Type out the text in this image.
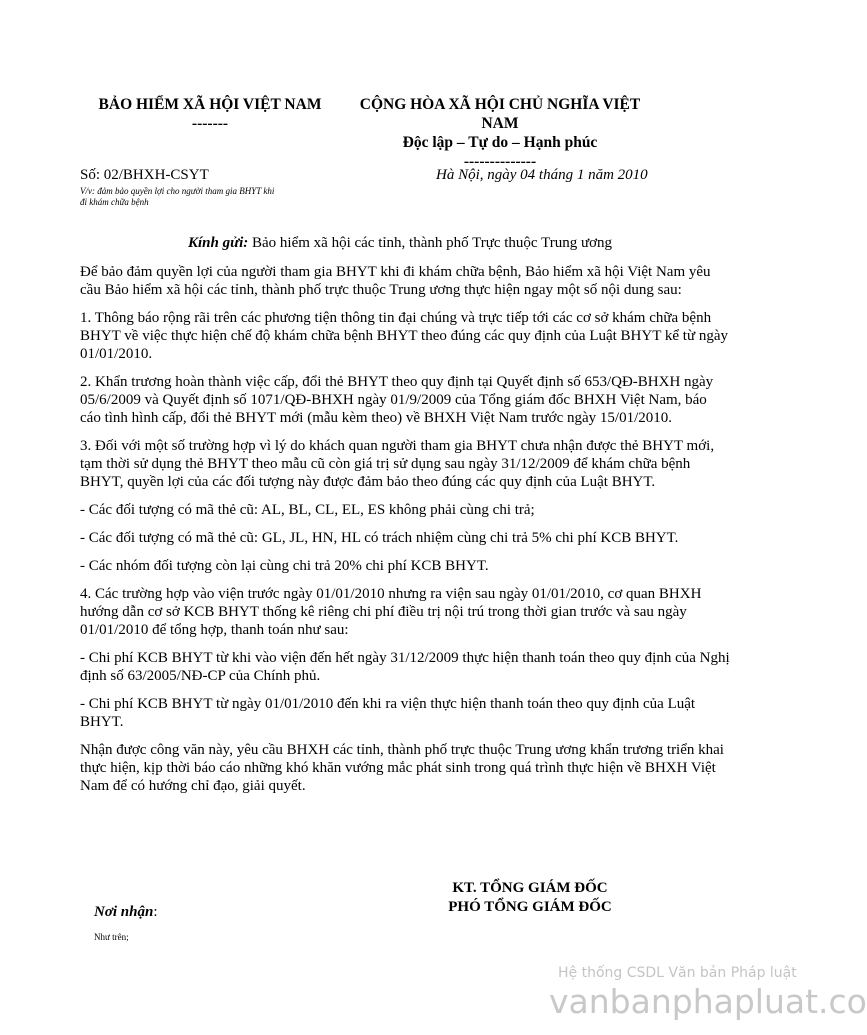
BẢO HIỂM XÃ HỘI VIỆT NAM
-------
CỘNG HÒA XÃ HỘI CHỦ NGHĨA VIỆT
NAM
Độc lập – Tự do – Hạnh phúc
--------------
Số: 02/BHXH-CSYT
V/v: đảm bảo quyền lợi cho người tham gia BHYT khi
đi khám chữa bệnh
Hà Nội, ngày 04 tháng 1 năm 2010
Kính gửi: Bảo hiểm xã hội các tỉnh, thành phố Trực thuộc Trung ương

Để bảo đảm quyền lợi của người tham gia BHYT khi đi khám chữa bệnh, Bảo hiểm xã hội Việt Nam yêu cầu Bảo hiểm xã hội các tỉnh, thành phố trực thuộc Trung ương thực hiện ngay một số nội dung sau:

1. Thông báo rộng rãi trên các phương tiện thông tin đại chúng và trực tiếp tới các cơ sở khám chữa bệnh BHYT về việc thực hiện chế độ khám chữa bệnh BHYT theo đúng các quy định của Luật BHYT kể từ ngày 01/01/2010.

2. Khẩn trương hoàn thành việc cấp, đổi thẻ BHYT theo quy định tại Quyết định số 653/QĐ-BHXH ngày 05/6/2009 và Quyết định số 1071/QĐ-BHXH ngày 01/9/2009 của Tổng giám đốc BHXH Việt Nam, báo cáo tình hình cấp, đổi thẻ BHYT mới (mẫu kèm theo) về BHXH Việt Nam trước ngày 15/01/2010.

3. Đối với một số trường hợp vì lý do khách quan người tham gia BHYT chưa nhận được thẻ BHYT mới, tạm thời sử dụng thẻ BHYT theo mẫu cũ còn giá trị sử dụng sau ngày 31/12/2009 để khám chữa bệnh BHYT, quyền lợi của các đối tượng này được đảm bảo theo đúng các quy định của Luật BHYT.

- Các đối tượng có mã thẻ cũ: AL, BL, CL, EL, ES không phải cùng chi trả;

- Các đối tượng có mã thẻ cũ: GL, JL, HN, HL có trách nhiệm cùng chi trả 5% chi phí KCB BHYT.

- Các nhóm đối tượng còn lại cùng chi trả 20% chi phí KCB BHYT.

4. Các trường hợp vào viện trước ngày 01/01/2010 nhưng ra viện sau ngày 01/01/2010, cơ quan BHXH hướng dẫn cơ sở KCB BHYT thống kê riêng chi phí điều trị nội trú trong thời gian trước và sau ngày 01/01/2010 để tổng hợp, thanh toán như sau:

- Chi phí KCB BHYT từ khi vào viện đến hết ngày 31/12/2009 thực hiện thanh toán theo quy định của Nghị định số 63/2005/NĐ-CP của Chính phủ.

- Chi phí KCB BHYT từ ngày 01/01/2010 đến khi ra viện thực hiện thanh toán theo quy định của Luật BHYT.

Nhận được công văn này, yêu cầu BHXH các tỉnh, thành phố trực thuộc Trung ương khẩn trương triển khai thực hiện, kịp thời báo cáo những khó khăn vướng mắc phát sinh trong quá trình thực hiện về BHXH Việt Nam để có hướng chỉ đạo, giải quyết.

KT. TỔNG GIÁM ĐỐC
PHÓ TỔNG GIÁM ĐỐC
Nơi nhận:
Như trên;
Hệ thống CSDL Văn bản Pháp luật
vanbanphapluat.co
